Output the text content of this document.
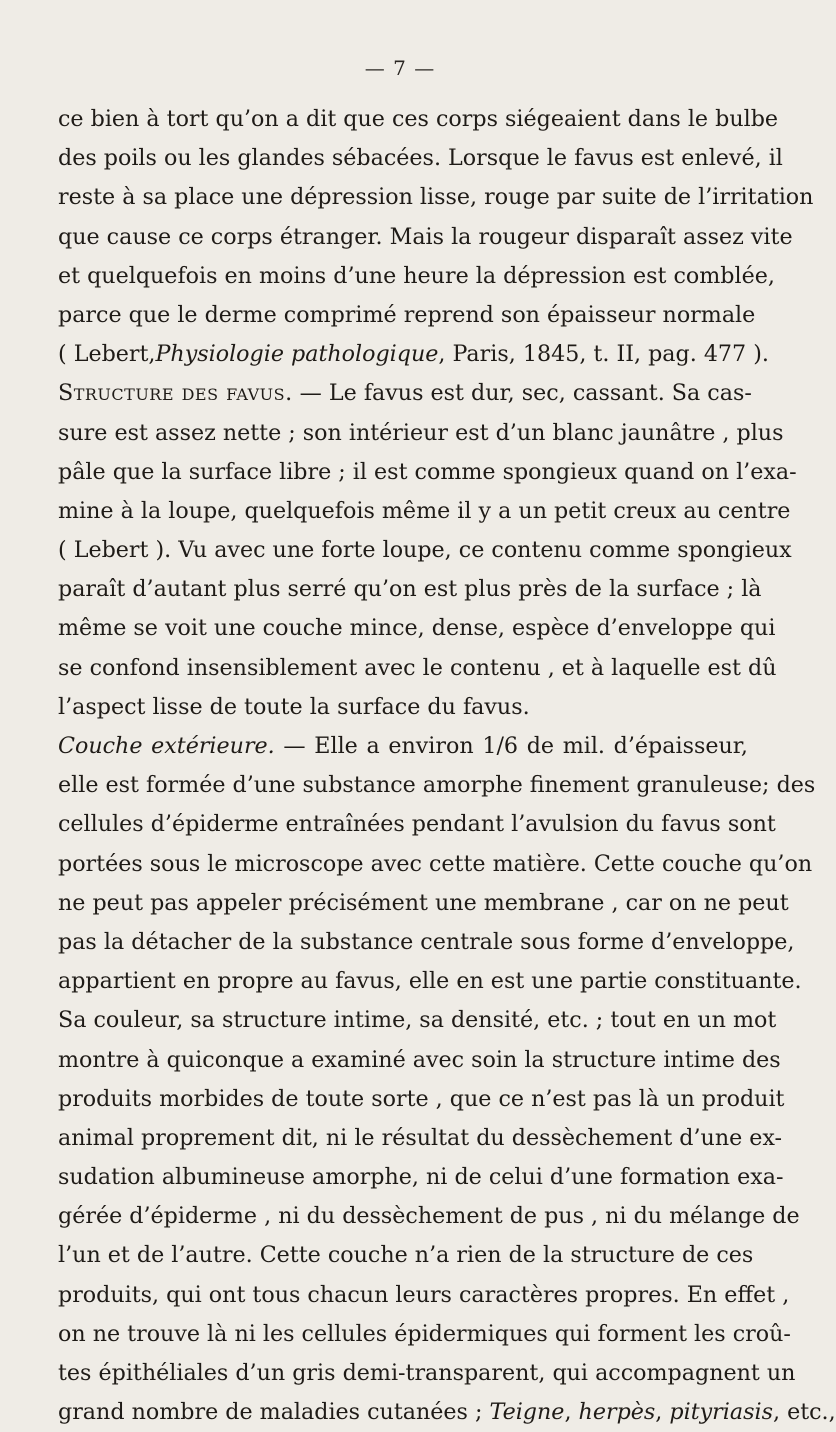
— 7 —
ce bien à tort qu’on a dit que ces corps siégeaient dans le bulbe
des poils ou les glandes sébacées. Lorsque le favus est enlevé, il
reste à sa place une dépression lisse, rouge par suite de l’irritation
que cause ce corps étranger. Mais la rougeur disparaît assez vite
et quelquefois en moins d’une heure la dépression est comblée,
parce que le derme comprimé reprend son épaisseur normale
( Lebert,Physiologie pathologique, Paris, 1845, t. II, pag. 477 ).
Structure des favus. — Le favus est dur, sec, cassant. Sa cas-
sure est assez nette ; son intérieur est d’un blanc jaunâtre , plus
pâle que la surface libre ; il est comme spongieux quand on l’exa-
mine à la loupe, quelquefois même il y a un petit creux au centre
( Lebert ). Vu avec une forte loupe, ce contenu comme spongieux
paraît d’autant plus serré qu’on est plus près de la surface ; là
même se voit une couche mince, dense, espèce d’enveloppe qui
se confond insensiblement avec le contenu , et à laquelle est dû
l’aspect lisse de toute la surface du favus.
Couche extérieure. — Elle a environ 1/6 de mil. d’épaisseur,
elle est formée d’une substance amorphe finement granuleuse; des
cellules d’épiderme entraînées pendant l’avulsion du favus sont
portées sous le microscope avec cette matière. Cette couche qu’on
ne peut pas appeler précisément une membrane , car on ne peut
pas la détacher de la substance centrale sous forme d’enveloppe,
appartient en propre au favus, elle en est une partie constituante.
Sa couleur, sa structure intime, sa densité, etc. ; tout en un mot
montre à quiconque a examiné avec soin la structure intime des
produits morbides de toute sorte , que ce n’est pas là un produit
animal proprement dit, ni le résultat du dessèchement d’une ex-
sudation albumineuse amorphe, ni de celui d’une formation exa-
gérée d’épiderme , ni du dessèchement de pus , ni du mélange de
l’un et de l’autre. Cette couche n’a rien de la structure de ces
produits, qui ont tous chacun leurs caractères propres. En effet ,
on ne trouve là ni les cellules épidermiques qui forment les croû-
tes épithéliales d’un gris demi-transparent, qui accompagnent un
grand nombre de maladies cutanées ; Teigne, herpès, pityriasis, etc.,
